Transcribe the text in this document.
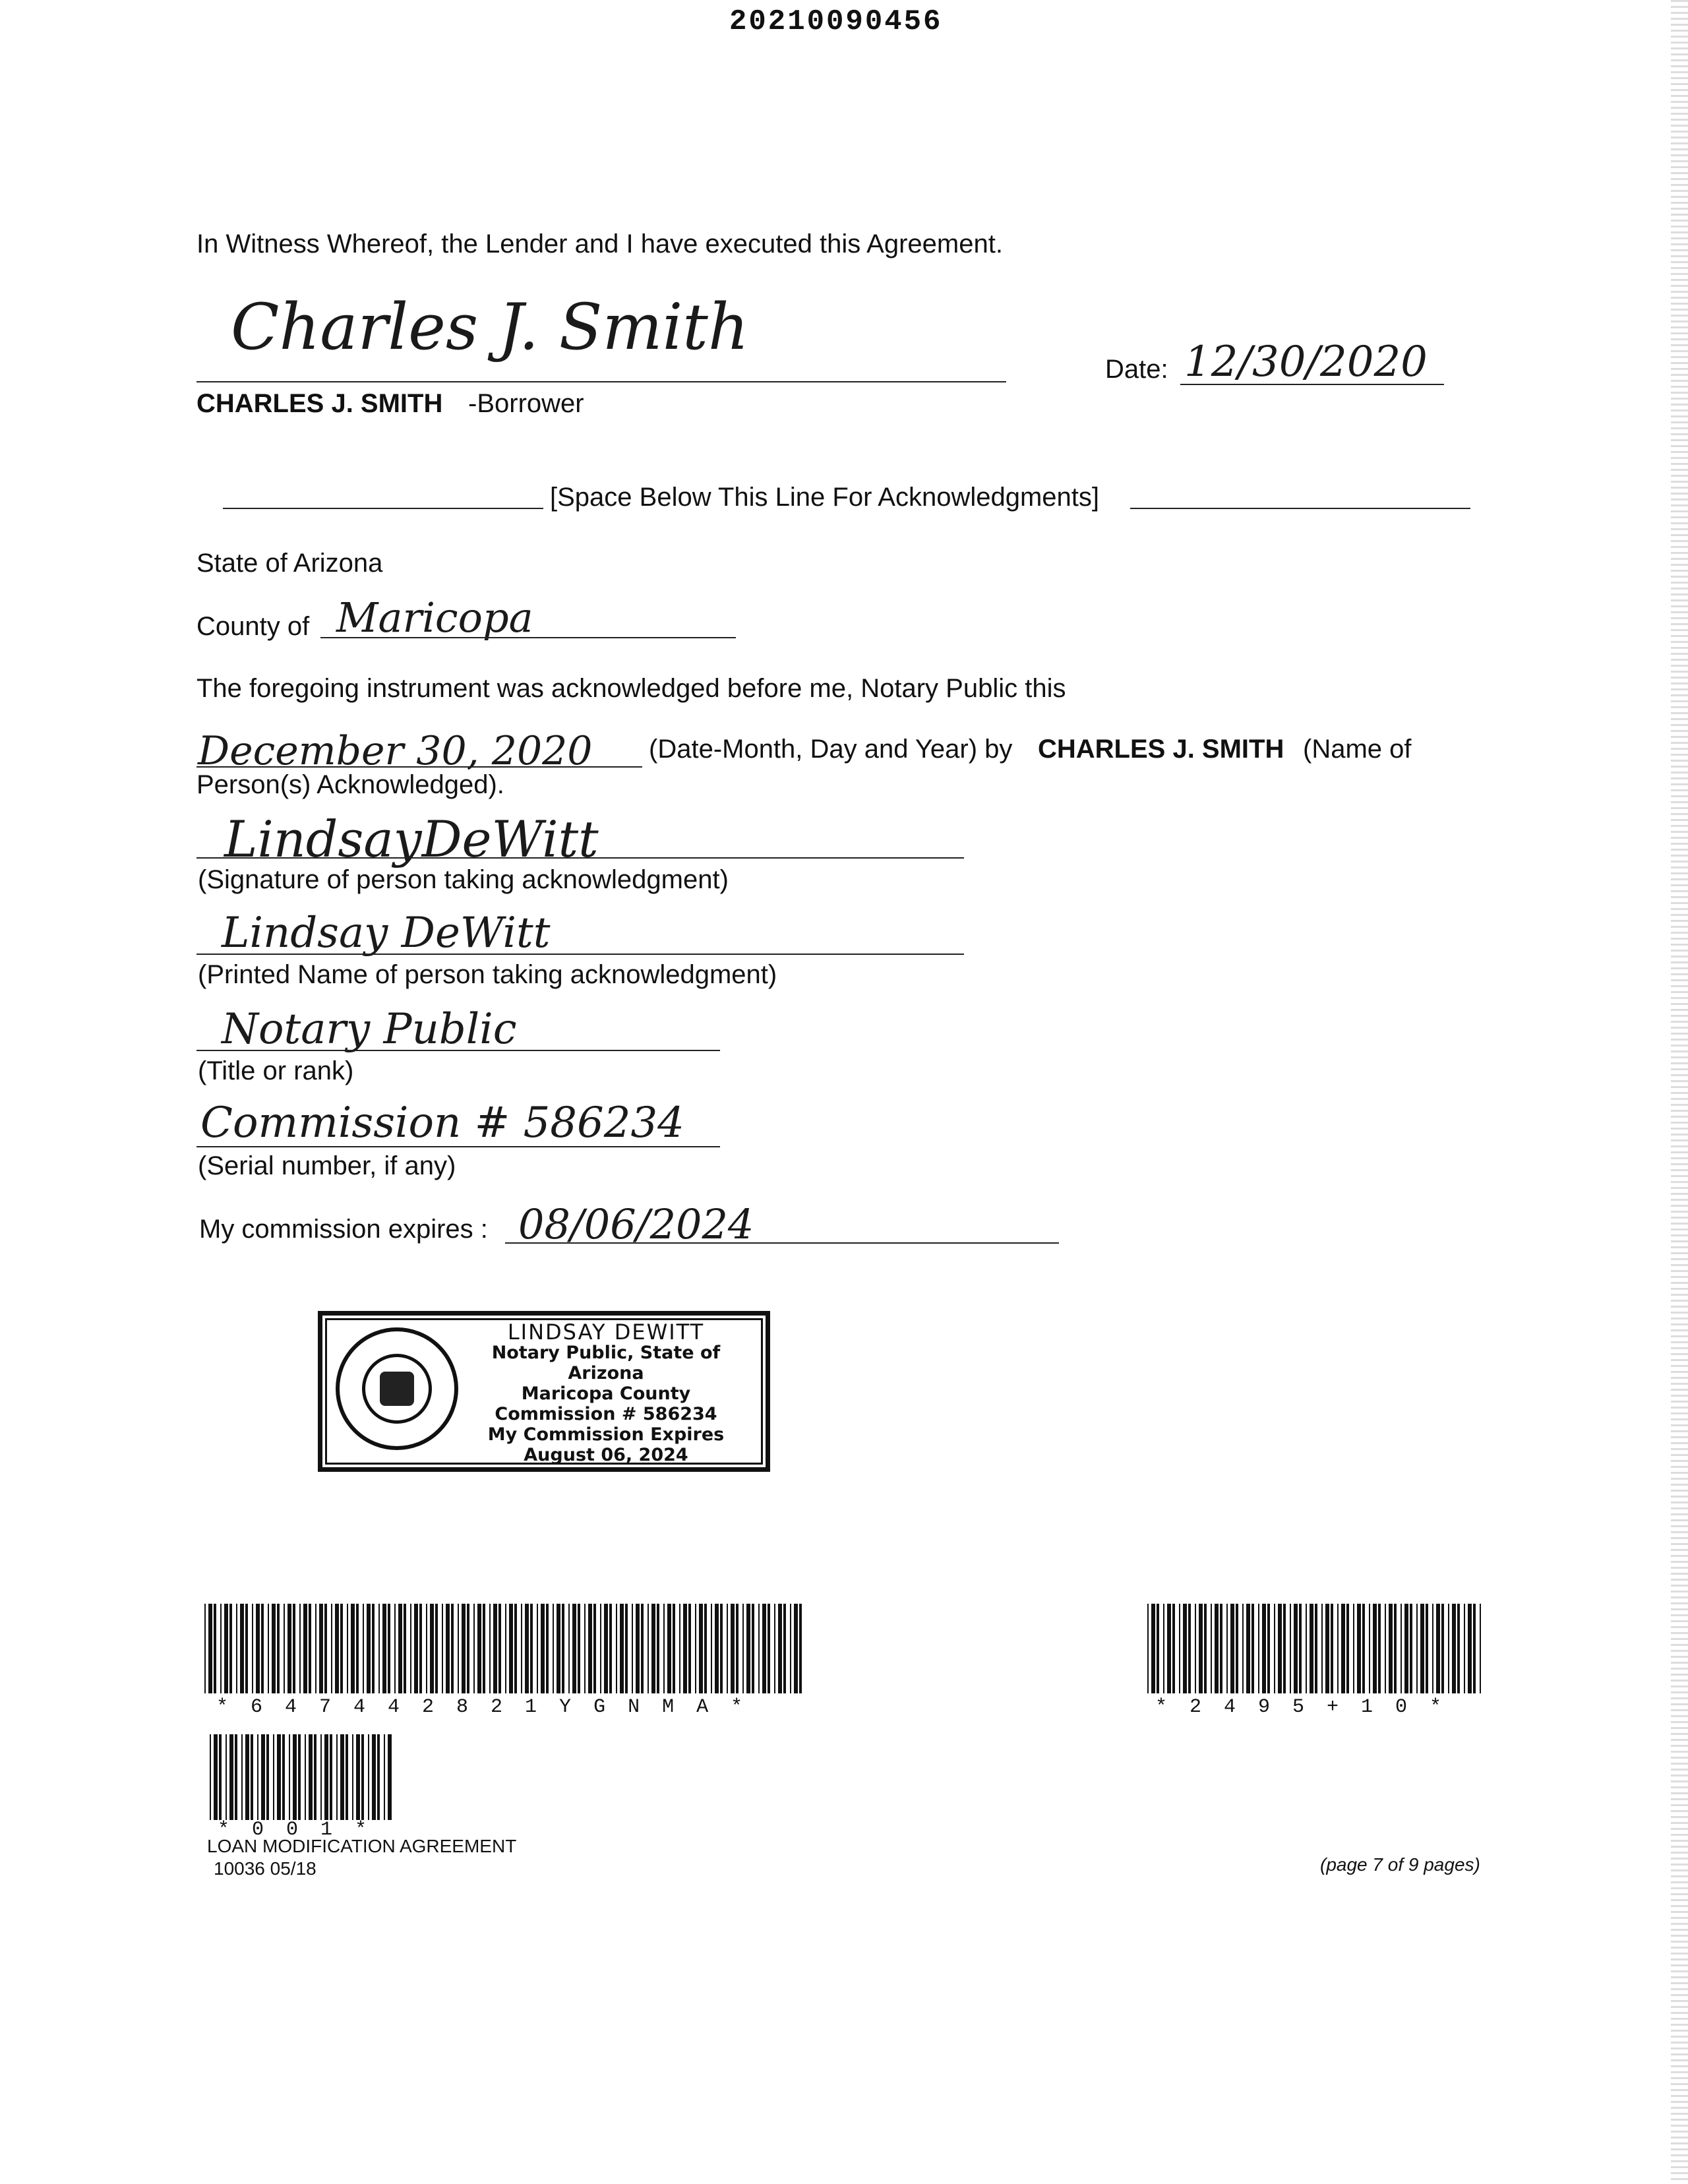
20210090456
In Witness Whereof, the Lender and I have executed this Agreement.
Charles J. Smith
CHARLES J. SMITH -Borrower
Date: 12/30/2020
[Space Below This Line For Acknowledgments]
State of Arizona
County of Maricopa
The foregoing instrument was acknowledged before me, Notary Public this
December 30, 2020 (Date-Month, Day and Year) by CHARLES J. SMITH (Name of
Person(s) Acknowledged).
LindsayDeWitt
(Signature of person taking acknowledgment)
Lindsay DeWitt
(Printed Name of person taking acknowledgment)
Notary Public
(Title or rank)
Commission # 586234
(Serial number, if any)
My commission expires : 08/06/2024
LINDSAY DEWITT
Notary Public, State of Arizona
Maricopa County
Commission # 586234
My Commission Expires
August 06, 2024
* 6 4 7 4 4 2 8 2 1 Y G N M A *	* 2 4 9 5 + 1 0 *
* 0 0 1 *
LOAN MODIFICATION AGREEMENT
10036 05/18	(page 7 of 9 pages)
